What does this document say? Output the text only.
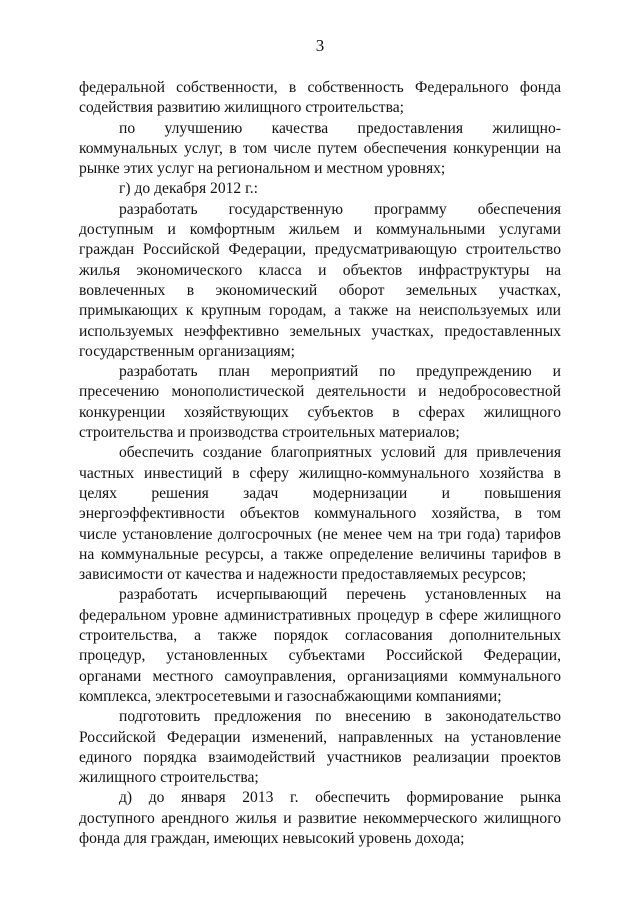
3
федеральной собственности, в собственность Федерального фонда
содействия развитию жилищного строительства;
по улучшению качества предоставления жилищно-
коммунальных услуг, в том числе путем обеспечения конкуренции на
рынке этих услуг на региональном и местном уровнях;
г) до декабря 2012 г.:
разработать государственную программу обеспечения
доступным и комфортным жильем и коммунальными услугами
граждан Российской Федерации, предусматривающую строительство
жилья экономического класса и объектов инфраструктуры на
вовлеченных в экономический оборот земельных участках,
примыкающих к крупным городам, а также на неиспользуемых или
используемых неэффективно земельных участках, предоставленных
государственным организациям;
разработать план мероприятий по предупреждению и
пресечению монополистической деятельности и недобросовестной
конкуренции хозяйствующих субъектов в сферах жилищного
строительства и производства строительных материалов;
обеспечить создание благоприятных условий для привлечения
частных инвестиций в сферу жилищно-коммунального хозяйства в
целях решения задач модернизации и повышения
энергоэффективности объектов коммунального хозяйства, в том
числе установление долгосрочных (не менее чем на три года) тарифов
на коммунальные ресурсы, а также определение величины тарифов в
зависимости от качества и надежности предоставляемых ресурсов;
разработать исчерпывающий перечень установленных на
федеральном уровне административных процедур в сфере жилищного
строительства, а также порядок согласования дополнительных
процедур, установленных субъектами Российской Федерации,
органами местного самоуправления, организациями коммунального
комплекса, электросетевыми и газоснабжающими компаниями;
подготовить предложения по внесению в законодательство
Российской Федерации изменений, направленных на установление
единого порядка взаимодействий участников реализации проектов
жилищного строительства;
д) до января 2013 г. обеспечить формирование рынка
доступного арендного жилья и развитие некоммерческого жилищного
фонда для граждан, имеющих невысокий уровень дохода;
